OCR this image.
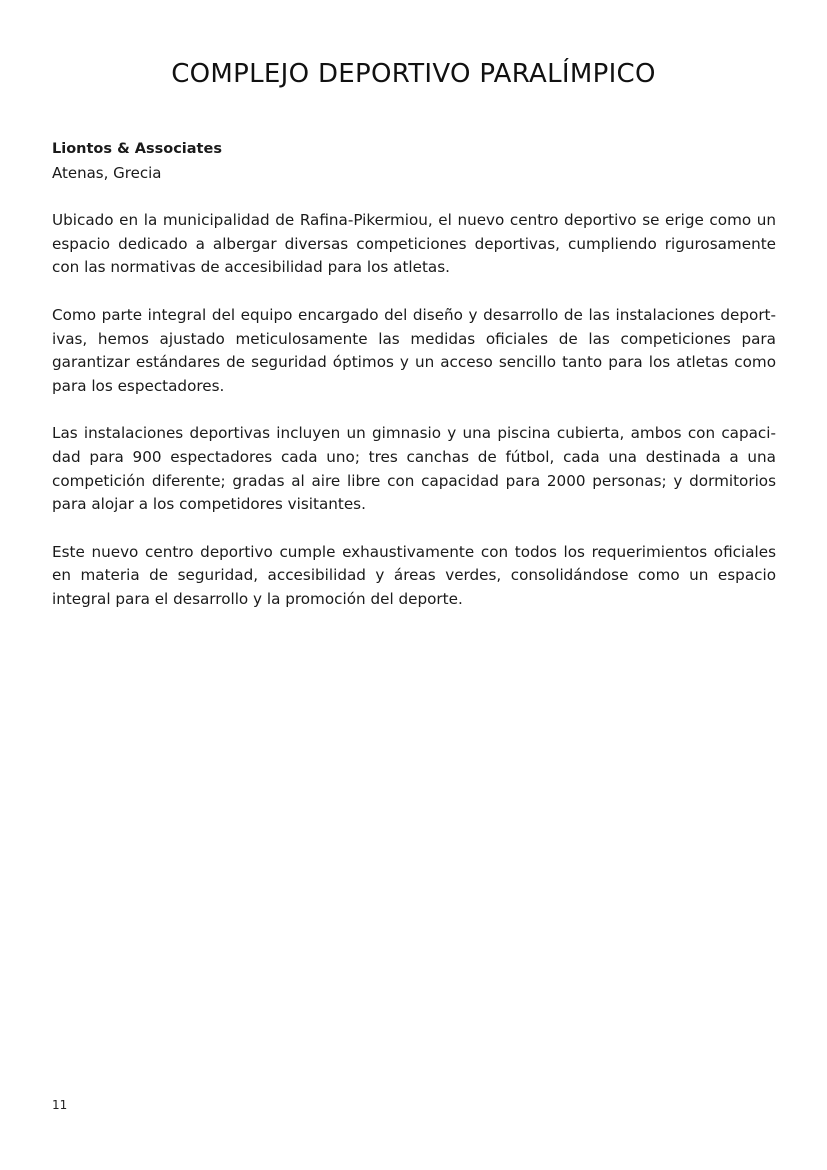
COMPLEJO DEPORTIVO PARALÍMPICO

Liontos & Associates

Atenas, Grecia

Ubicado en la municipalidad de Rafina-Pikermiou, el nuevo centro deportivo se erige como un espacio dedicado a albergar diversas competiciones deportivas, cumpliendo rigurosamente con las normativas de accesibilidad para los atletas.

Como parte integral del equipo encargado del diseño y desarrollo de las instalaciones deportivas, hemos ajustado meticulosamente las medidas oficiales de las competiciones para garantizar estándares de seguridad óptimos y un acceso sencillo tanto para los atletas como para los espectadores.

Las instalaciones deportivas incluyen un gimnasio y una piscina cubierta, ambos con capacidad para 900 espectadores cada uno; tres canchas de fútbol, cada una destinada a una competición diferente; gradas al aire libre con capacidad para 2000 personas; y dormitorios para alojar a los competidores visitantes.

Este nuevo centro deportivo cumple exhaustivamente con todos los requerimientos oficiales en materia de seguridad, accesibilidad y áreas verdes, consolidándose como un espacio integral para el desarrollo y la promoción del deporte.

11
